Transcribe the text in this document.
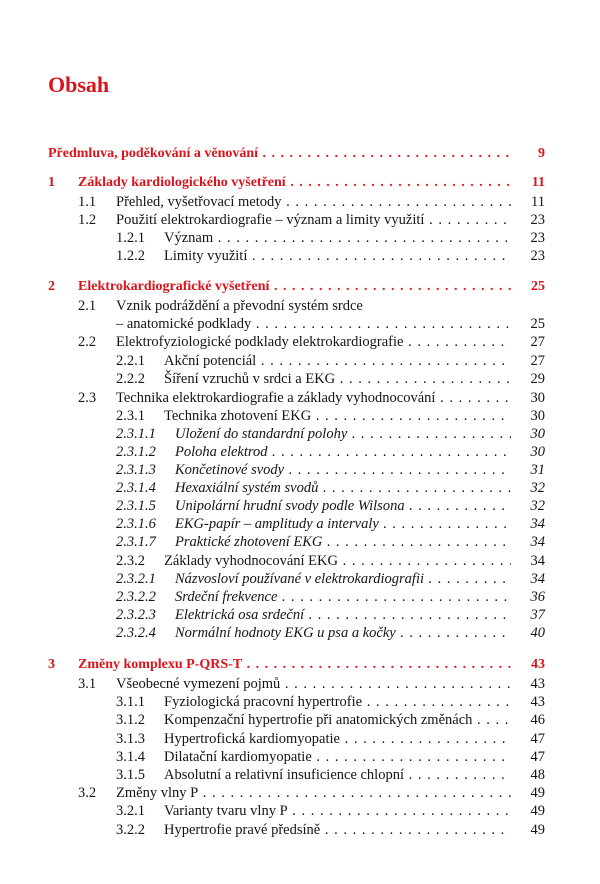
Obsah
Předmluva, poděkování a věnování . . .	9
1 Základy kardiologického vyšetření . . .	11
1.1 Přehled, vyšetřovací metody . . .	11
1.2 Použití elektrokardiografie – význam a limity využití . . .	23
1.2.1 Význam . . .	23
1.2.2 Limity využití . . .	23
2 Elektrokardiografické vyšetření . . .	25
2.1 Vznik podráždění a převodní systém srdce
– anatomické podklady . . .	25
2.2 Elektrofyziologické podklady elektrokardiografie . . .	27
2.2.1 Akční potenciál . . .	27
2.2.2 Šíření vzruchů v srdci a EKG . . .	29
2.3 Technika elektrokardiografie a základy vyhodnocování . . .	30
2.3.1 Technika zhotovení EKG . . .	30
2.3.1.1 Uložení do standardní polohy . . .	30
2.3.1.2 Poloha elektrod . . .	30
2.3.1.3 Končetinové svody . . .	31
2.3.1.4 Hexaxiální systém svodů . . .	32
2.3.1.5 Unipolární hrudní svody podle Wilsona . . .	32
2.3.1.6 EKG-papír – amplitudy a intervaly . . .	34
2.3.1.7 Praktické zhotovení EKG . . .	34
2.3.2 Základy vyhodnocování EKG . . .	34
2.3.2.1 Názvosloví používané v elektrokardiografii . . .	34
2.3.2.2 Srdeční frekvence . . .	36
2.3.2.3 Elektrická osa srdeční . . .	37
2.3.2.4 Normální hodnoty EKG u psa a kočky . . .	40
3 Změny komplexu P-QRS-T . . .	43
3.1 Všeobecné vymezení pojmů . . .	43
3.1.1 Fyziologická pracovní hypertrofie . . .	43
3.1.2 Kompenzační hypertrofie při anatomických změnách . . .	46
3.1.3 Hypertrofická kardiomyopatie . . .	47
3.1.4 Dilatační kardiomyopatie . . .	47
3.1.5 Absolutní a relativní insuficience chlopní . . .	48
3.2 Změny vlny P . . .	49
3.2.1 Varianty tvaru vlny P . . .	49
3.2.2 Hypertrofie pravé předsíně . . .	49
